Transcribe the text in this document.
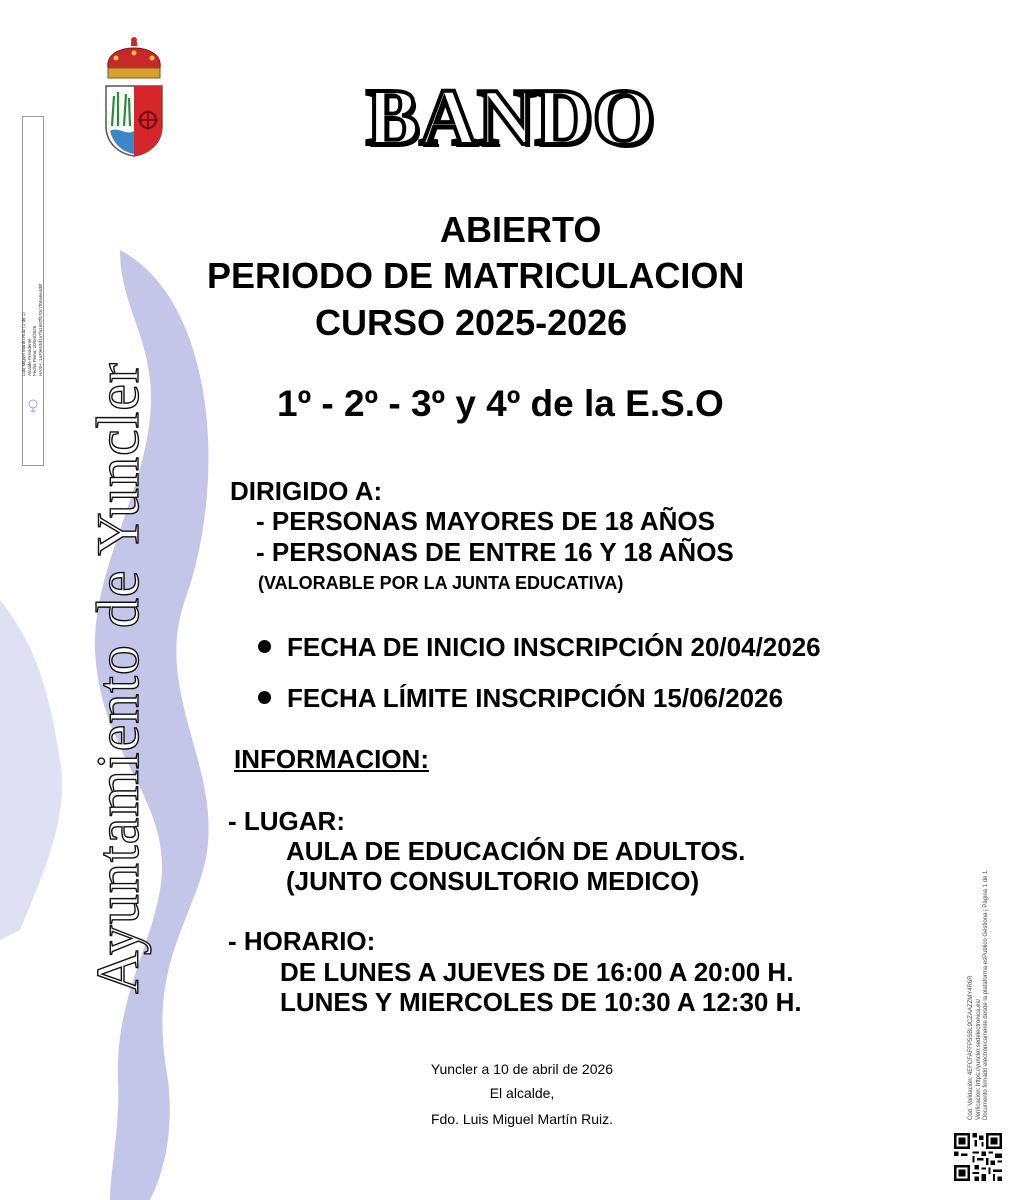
Ayuntamiento de Yuncler
Luis Miguel Martín Ruiz (1 de 1)
Alcalde Presidente
Fecha Firma: 10/04/2026
HASH: 1a70e53d1a7fa1687fb70c7f06a6e4d0f
BANDO
ABIERTO
PERIODO DE MATRICULACION
CURSO 2025-2026
1º - 2º - 3º y 4º de la E.S.O
DIRIGIDO A:
- PERSONAS MAYORES DE 18 AÑOS
- PERSONAS DE ENTRE 16 Y 18 AÑOS
(VALORABLE POR LA JUNTA EDUCATIVA)
FECHA DE INICIO INSCRIPCIÓN 20/04/2026
FECHA LÍMITE INSCRIPCIÓN 15/06/2026
INFORMACION:
- LUGAR:
AULA DE EDUCACIÓN DE ADULTOS.
(JUNTO CONSULTORIO MEDICO)
- HORARIO:
DE LUNES A JUEVES DE 16:00 A 20:00 H.
LUNES Y MIERCOLES DE 10:30 A 12:30 H.
Yuncler a 10 de abril de 2026
El alcalde,
Fdo. Luis Miguel Martín Ruiz.	Cód. Validación: 4EFCFAFFP5SBL9CZAAZZMY4R6R
Verificación: https://yuncler.sedelectronica.es/
Documento firmado electrónicamente desde la plataforma esPublico Gestiona | Página 1 de 1
